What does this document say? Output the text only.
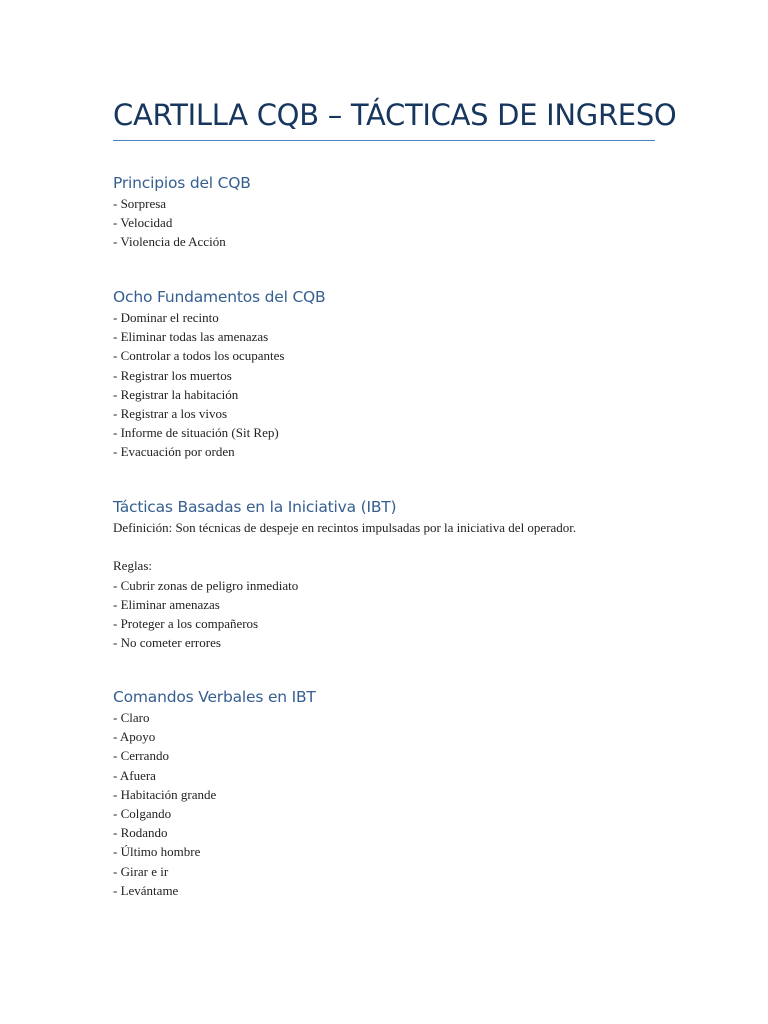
CARTILLA CQB – TÁCTICAS DE INGRESO
Principios del CQB
- Sorpresa
- Velocidad
- Violencia de Acción
Ocho Fundamentos del CQB
- Dominar el recinto
- Eliminar todas las amenazas
- Controlar a todos los ocupantes
- Registrar los muertos
- Registrar la habitación
- Registrar a los vivos
- Informe de situación (Sit Rep)
- Evacuación por orden
Tácticas Basadas en la Iniciativa (IBT)
Definición: Son técnicas de despeje en recintos impulsadas por la iniciativa del operador.
Reglas:
- Cubrir zonas de peligro inmediato
- Eliminar amenazas
- Proteger a los compañeros
- No cometer errores
Comandos Verbales en IBT
- Claro
- Apoyo
- Cerrando
- Afuera
- Habitación grande
- Colgando
- Rodando
- Último hombre
- Girar e ir
- Levántame
